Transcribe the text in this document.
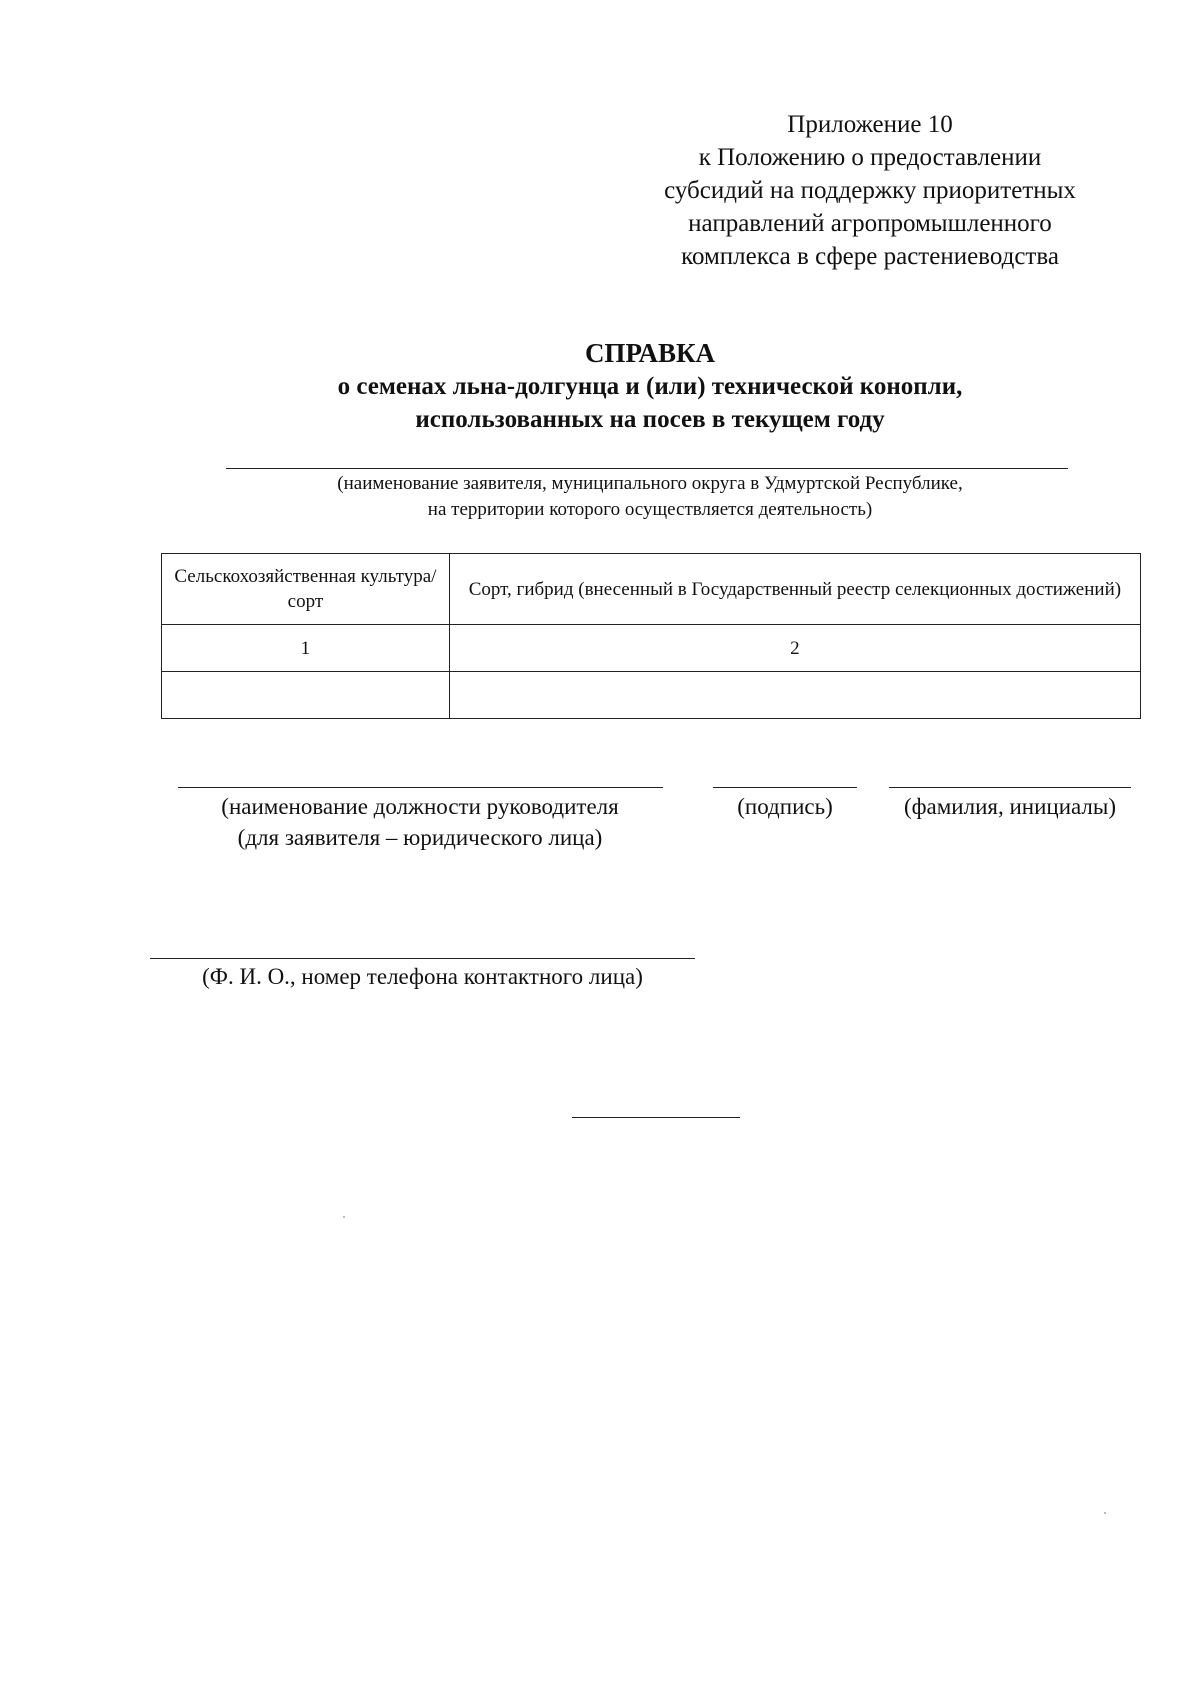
Приложение 10
к Положению о предоставлении
субсидий на поддержку приоритетных
направлений агропромышленного
комплекса в сфере растениеводства
СПРАВКА
о семенах льна-долгунца и (или) технической конопли,
использованных на посев в текущем году
(наименование заявителя, муниципального округа в Удмуртской Республике,
на территории которого осуществляется деятельность)
Сельскохозяйственная культура/сорт	Сорт, гибрид (внесенный в Государственный реестр селекционных достижений)
1	2

(наименование должности руководителя
(для заявителя – юридического лица)
(подпись)	(фамилия, инициалы)
(Ф. И. О., номер телефона контактного лица)
